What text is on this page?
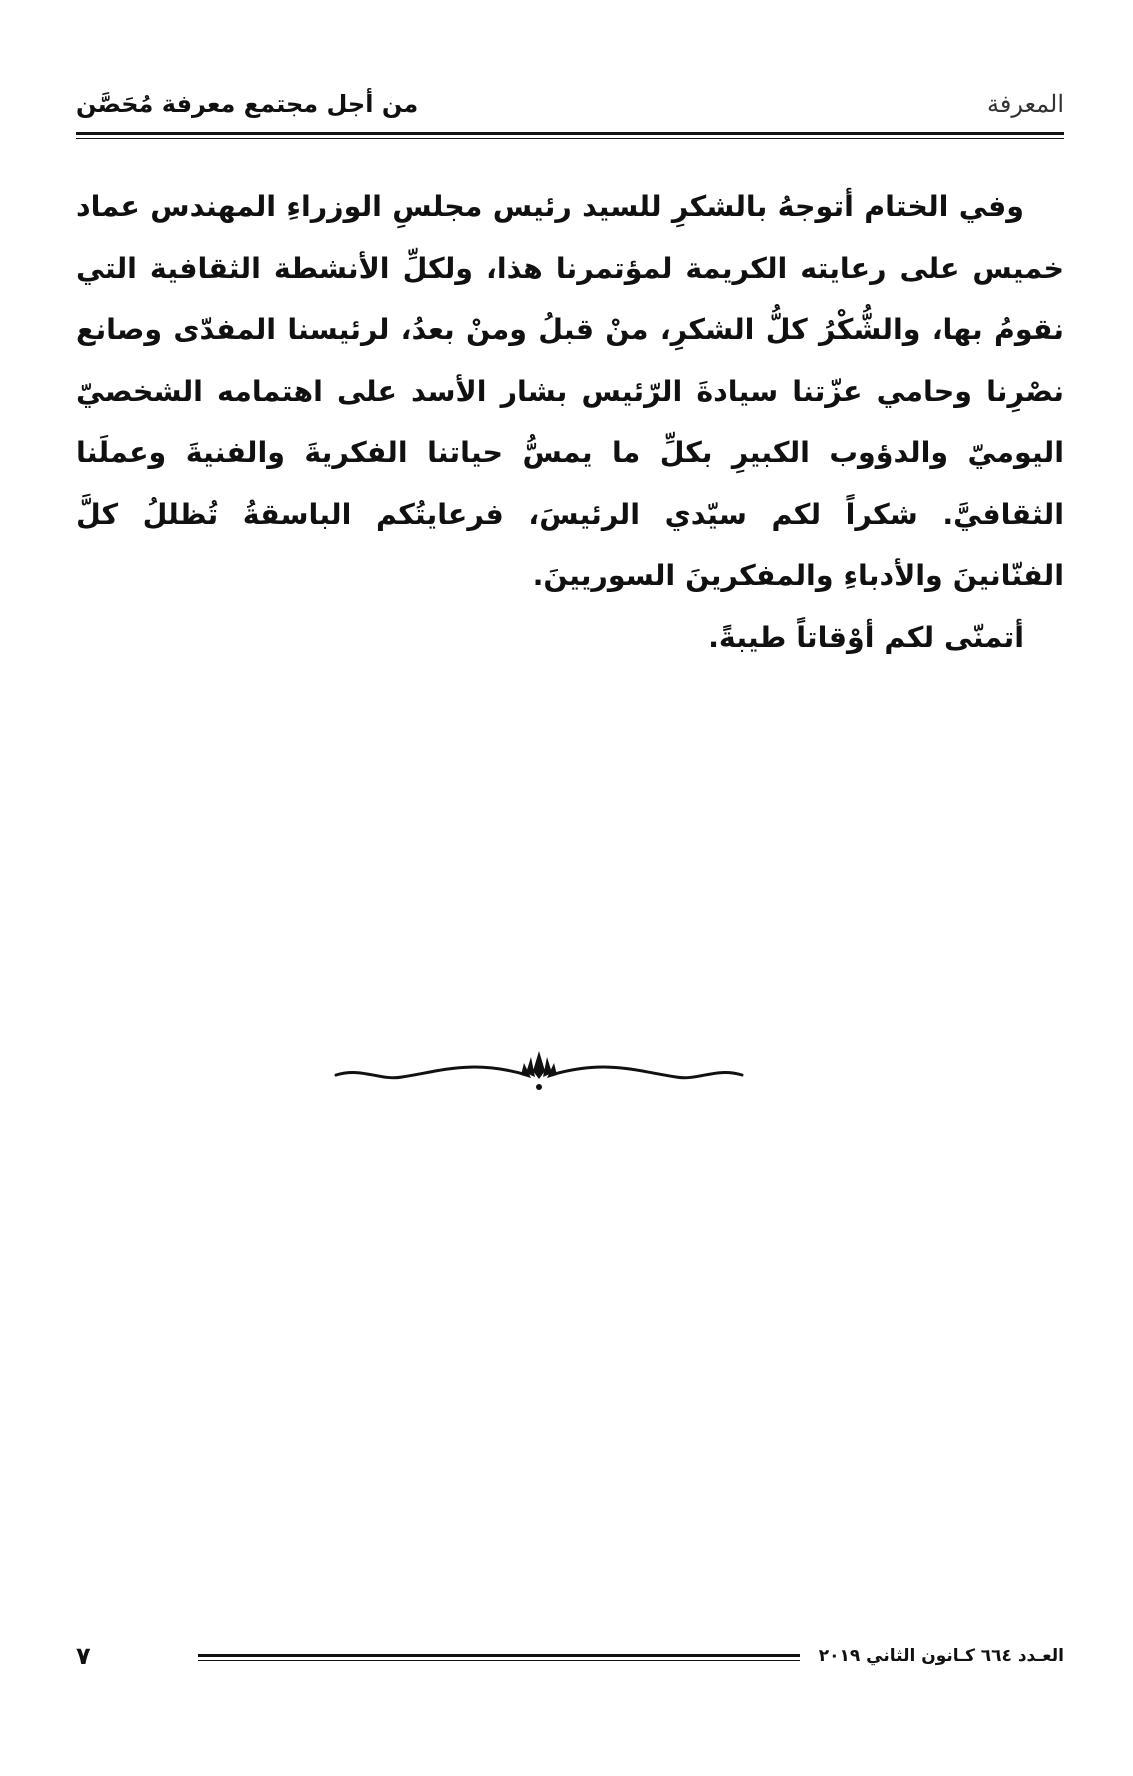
المعرفة
من أجل مجتمع معرفة مُحَصَّن

وفي الختام أتوجهُ بالشكرِ للسيد رئيس مجلسِ الوزراءِ المهندس عماد خميس على رعايته الكريمة لمؤتمرنا هذا، ولكلِّ الأنشطة الثقافية التي نقومُ بها، والشُّكْرُ كلُّ الشكرِ، منْ قبلُ ومنْ بعدُ، لرئيسنا المفدّى وصانع نصْرِنا وحامي عزّتنا سيادةَ الرّئيس بشار الأسد على اهتمامه الشخصيّ اليوميّ والدؤوب الكبيرِ بكلِّ ما يمسُّ حياتنا الفكريةَ والفنيةَ وعملَنا الثقافيَّ. شكراً لكم سيّدي الرئيسَ، فرعايتُكم الباسقةُ تُظللُ كلَّ الفنّانينَ والأدباءِ والمفكرينَ السوريينَ.

أتمنّى لكم أوْقاتاً طيبةً.

العـدد ٦٦٤ كـانون الثاني ٢٠١٩
٧
